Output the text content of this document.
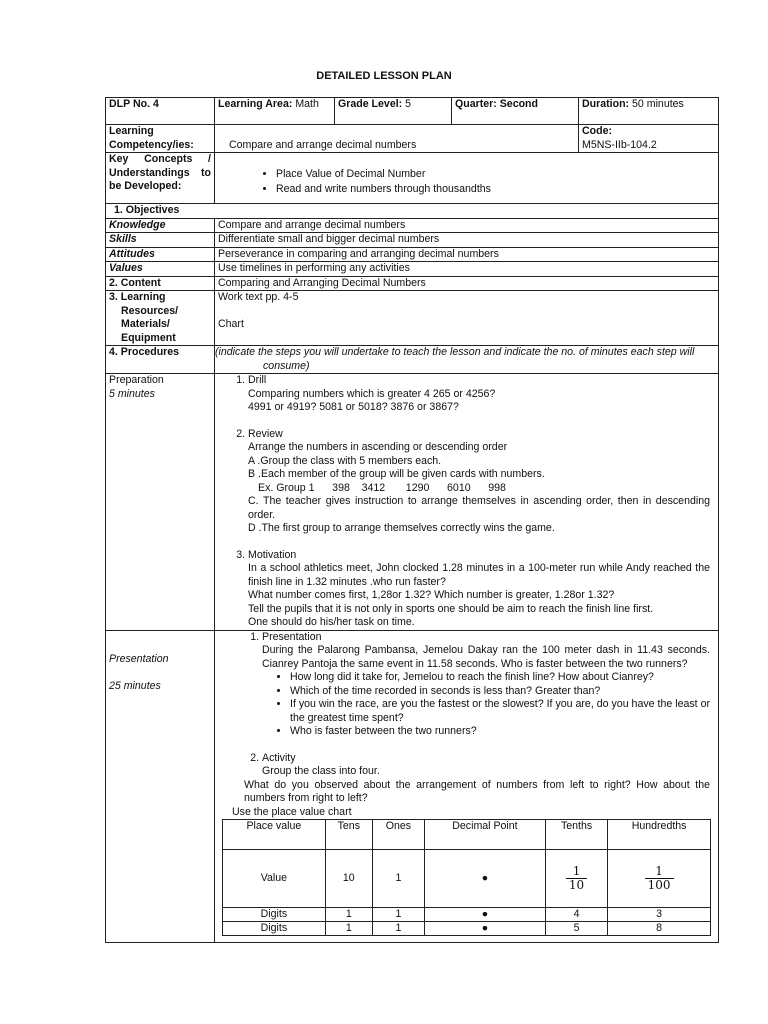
DETAILED LESSON PLAN
DLP No. 4	Learning Area: Math	Grade Level: 5	Quarter: Second	Duration: 50 minutes

Learning
Competency/ies:	Compare and arrange decimal numbers	
Code:
M5NS-IIb-104.2

Key Concepts /
Understandings to
be Developed:

• Place Value of Decimal Number
• Read and write numbers through thousandths

1. Objectives
Knowledge	Compare and arrange decimal numbers
Skills	Differentiate small and bigger decimal numbers
Attitudes	Perseverance in comparing and arranging decimal numbers
Values	Use timelines in performing any activities
2. Content	Comparing and Arranging Decimal Numbers

3. Learning
Resources/
Materials/
Equipment

Work text pp. 4-5
Chart

4. Procedures	(indicate the steps you will undertake to teach the lesson and indicate the no. of minutes each step will consume)

Preparation
5 minutes

1. Drill
Comparing numbers which is greater 4 265 or 4256?
4991 or 4919? 5081 or 5018? 3876 or 3867?
2. Review
Arrange the numbers in ascending or descending order
A .Group the class with 5 members each.
B .Each member of the group will be given cards with numbers.
Ex. Group 1      398    3412       1290      6010      998
C. The teacher gives instruction to arrange themselves in ascending order, then in descending order.
D .The first group to arrange themselves correctly wins the game.
3. Motivation
In a school athletics meet, John clocked 1.28 minutes in a 100-meter run while Andy reached the finish line in 1.32 minutes .who run faster?
What number comes first, 1,28or 1.32? Which number is greater, 1.28or 1.32?
Tell the pupils that it is not only in sports one should be aim to reach the finish line first.
One should do his/her task on time.

Presentation
25 minutes

1. Presentation
During the Palarong Pambansa, Jemelou Dakay ran the 100 meter dash in 11.43 seconds. Cianrey Pantoja the same event in 11.58 seconds. Who is faster between the two runners?
• How long did it take for, Jemelou to reach the finish line? How about Cianrey?
• Which of the time recorded in seconds is less than? Greater than?
• If you win the race, are you the fastest or the slowest? If you are, do you have the least or the greatest time spent?
• Who is faster between the two runners?
2. Activity
Group the class into four.
What do you observed about the arrangement of numbers from left to right? How about the numbers from right to left?
Use the place value chart
Place value	Tens	Ones	Decimal Point	Tenths	Hundredths
Value	10	1	●	$\frac{1}{10}$	$\frac{1}{100}$

Digits	1	1	●	4	3
Digits	1	1	●	5	8
